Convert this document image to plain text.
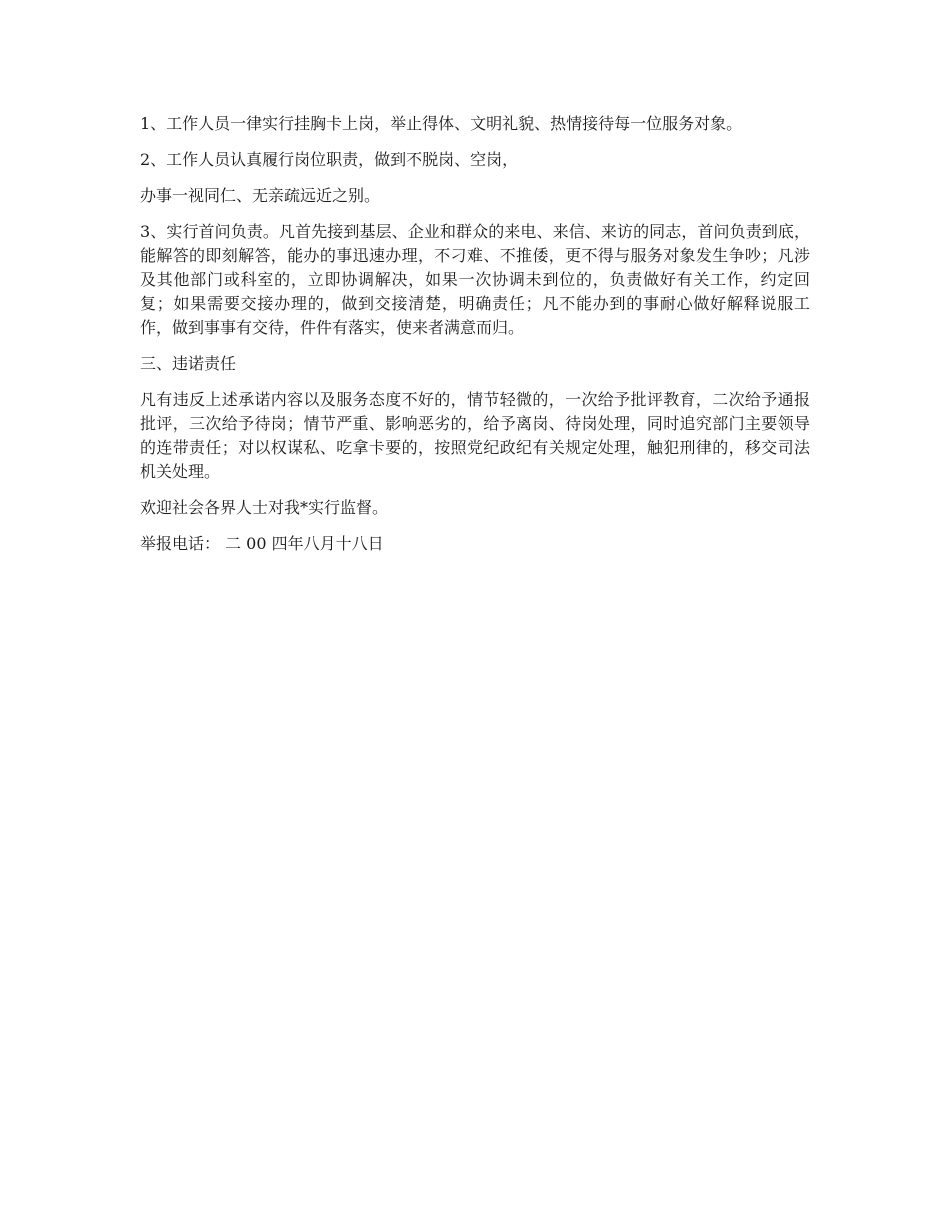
1、工作人员一律实行挂胸卡上岗，举止得体、文明礼貌、热情接待每一位服务对象。

2、工作人员认真履行岗位职责，做到不脱岗、空岗，

办事一视同仁、无亲疏远近之别。

3、实行首问负责。凡首先接到基层、企业和群众的来电、来信、来访的同志，首问负责到底，能解答的即刻解答，能办的事迅速办理，不刁难、不推倭，更不得与服务对象发生争吵；凡涉及其他部门或科室的，立即协调解决，如果一次协调未到位的，负责做好有关工作，约定回复；如果需要交接办理的，做到交接清楚，明确责任；凡不能办到的事耐心做好解释说服工作，做到事事有交待，件件有落实，使来者满意而归。

三、违诺责任

凡有违反上述承诺内容以及服务态度不好的，情节轻微的，一次给予批评教育，二次给予通报批评，三次给予待岗；情节严重、影响恶劣的，给予离岗、待岗处理，同时追究部门主要领导的连带责任；对以权谋私、吃拿卡要的，按照党纪政纪有关规定处理，触犯刑律的，移交司法机关处理。

欢迎社会各界人士对我*实行监督。

举报电话： 二 00 四年八月十八日
